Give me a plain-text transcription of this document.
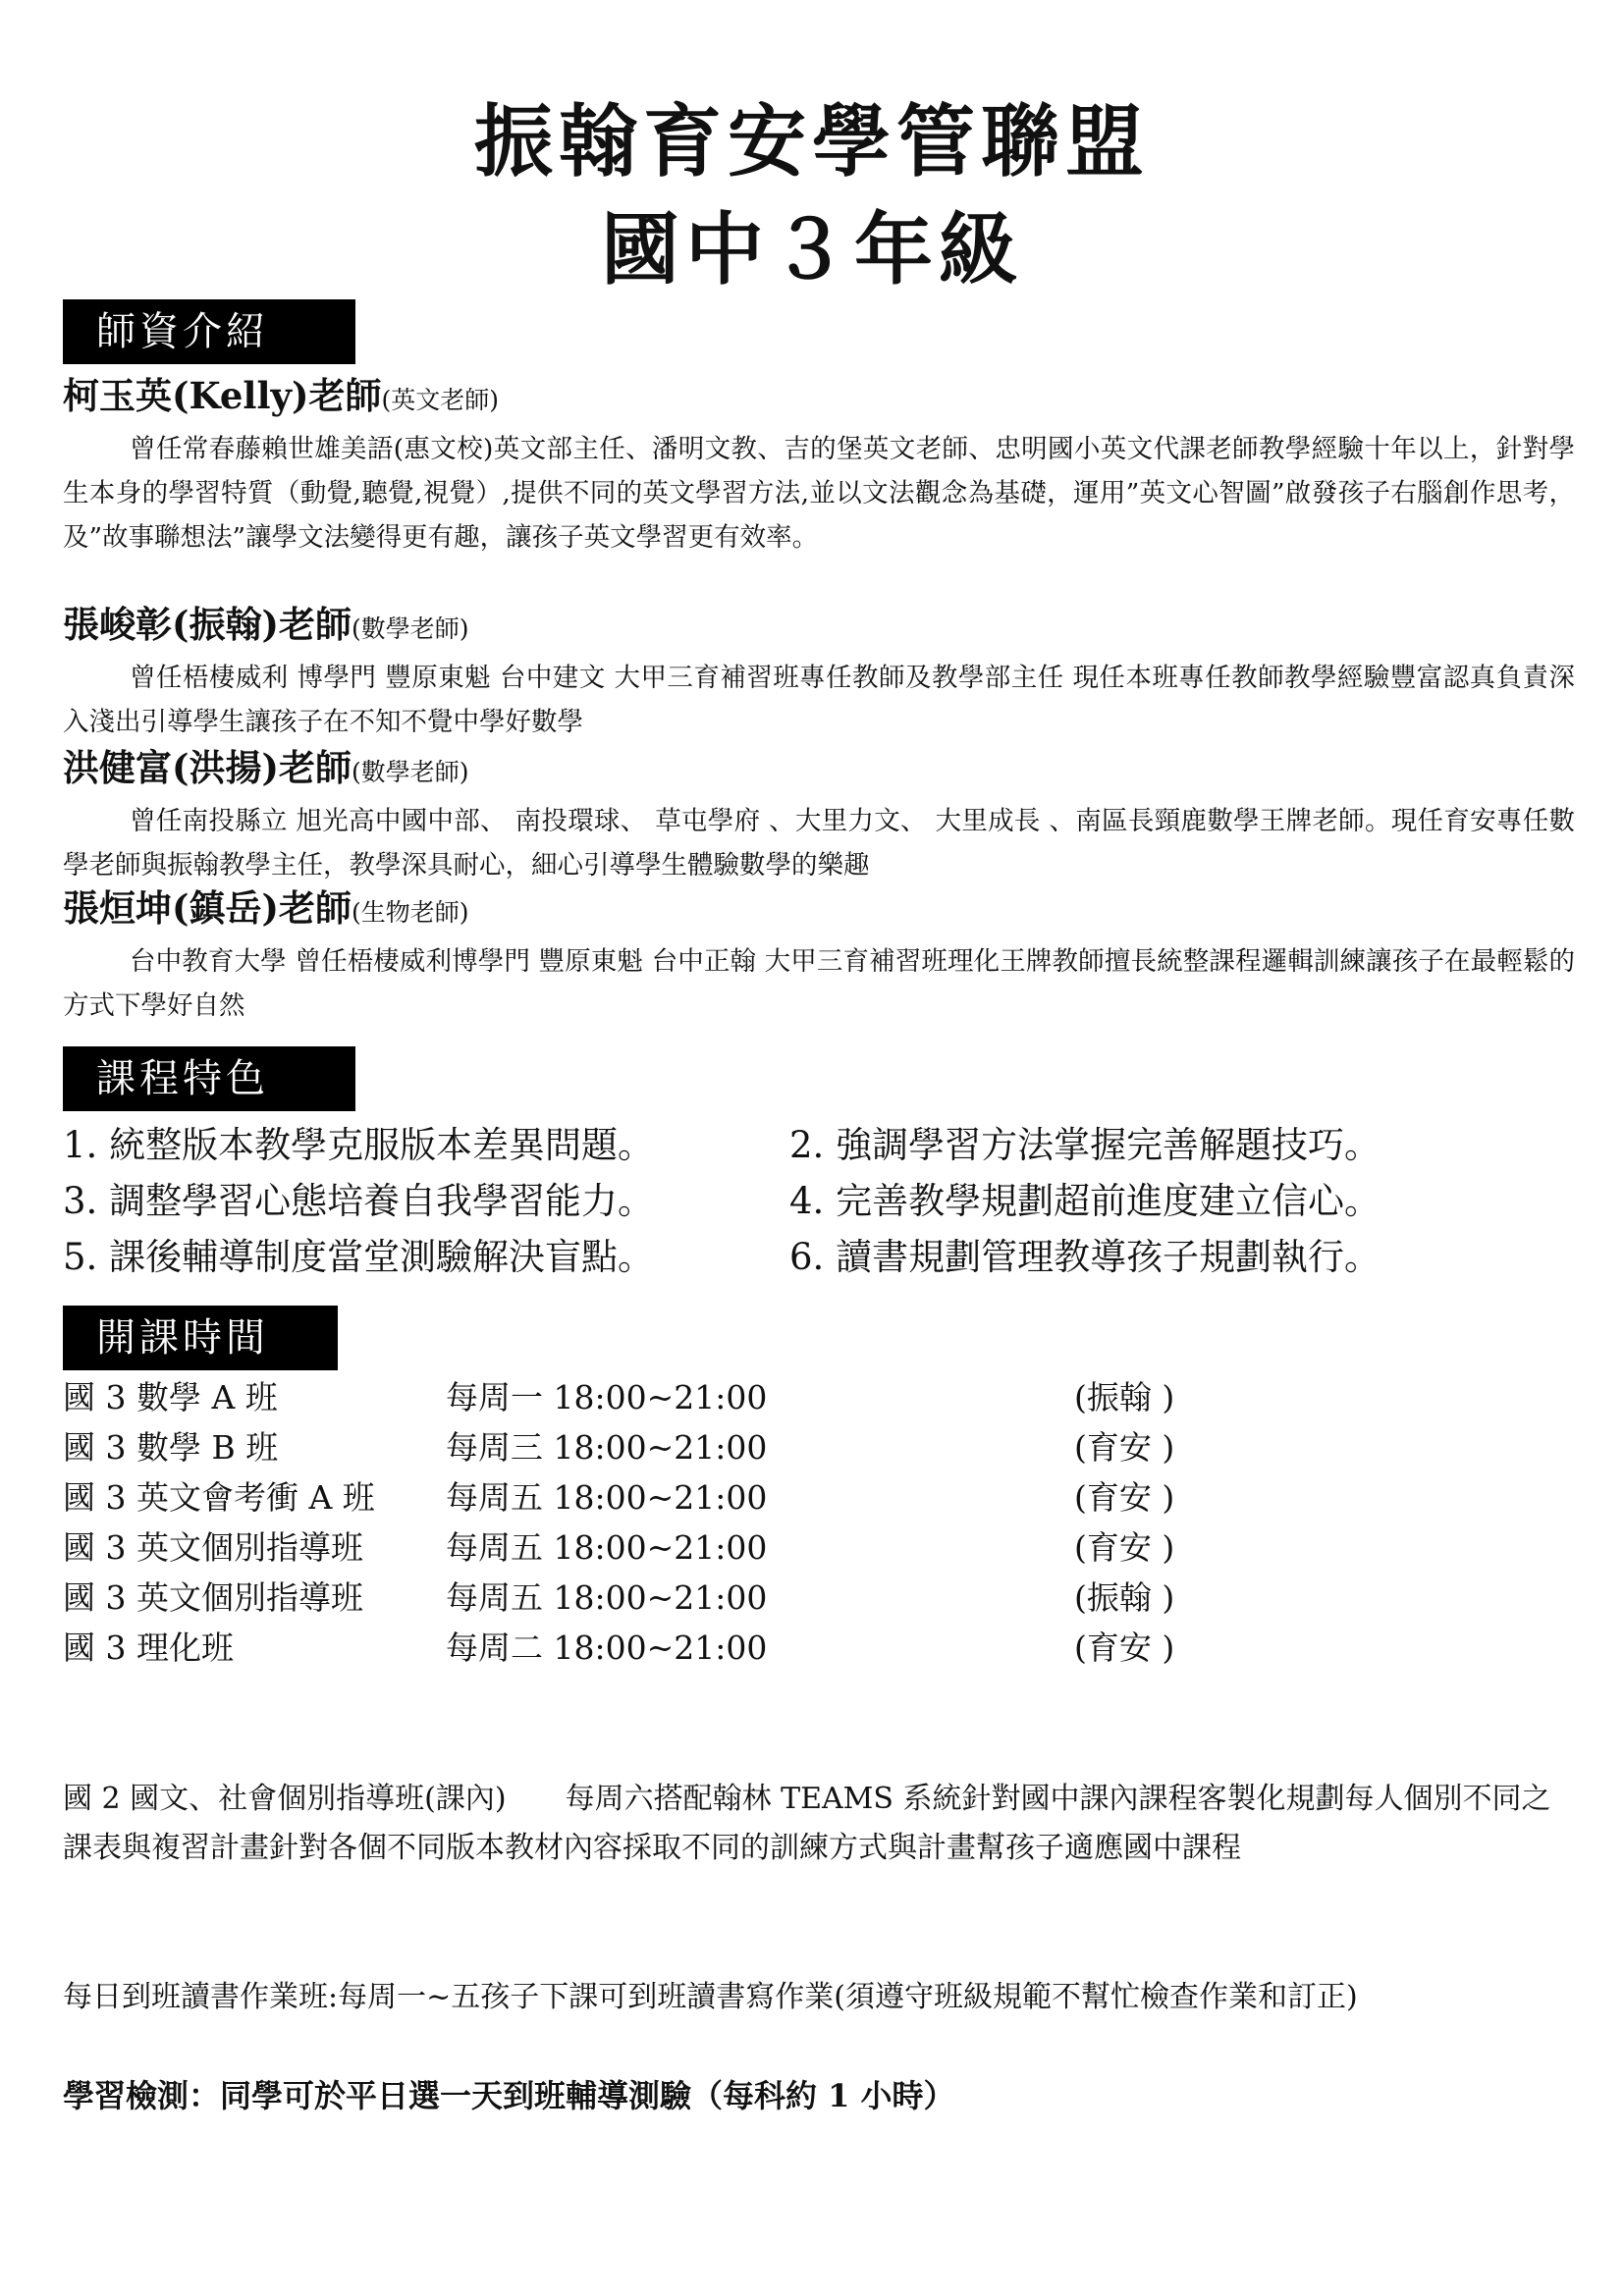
振翰育安學管聯盟
國中３年級
師資介紹
柯玉英(Kelly)老師(英文老師)
曾任常春藤賴世雄美語(惠文校)英文部主任、潘明文教、吉的堡英文老師、忠明國小英文代課老師教學經驗十年以上，針對學生本身的學習特質（動覺,聽覺,視覺）,提供不同的英文學習方法,並以文法觀念為基礎，運用”英文心智圖”啟發孩子右腦創作思考，及”故事聯想法”讓學文法變得更有趣，讓孩子英文學習更有效率。
張峻彰(振翰)老師(數學老師)
曾任梧棲威利 博學門 豐原東魁 台中建文 大甲三育補習班專任教師及教學部主任 現任本班專任教師教學經驗豐富認真負責深入淺出引導學生讓孩子在不知不覺中學好數學
洪健富(洪揚)老師(數學老師)
曾任南投縣立 旭光高中國中部、 南投環球、 草屯學府 、大里力文、 大里成長 、南區長頸鹿數學王牌老師。現任育安專任數學老師與振翰教學主任，教學深具耐心，細心引導學生體驗數學的樂趣
張烜坤(鎮岳)老師(生物老師)
台中教育大學 曾任梧棲威利博學門 豐原東魁 台中正翰 大甲三育補習班理化王牌教師擅長統整課程邏輯訓練讓孩子在最輕鬆的方式下學好自然
課程特色
1. 統整版本教學克服版本差異問題。	2. 強調學習方法掌握完善解題技巧。
3. 調整學習心態培養自我學習能力。	4. 完善教學規劃超前進度建立信心。
5. 課後輔導制度當堂測驗解決盲點。	6. 讀書規劃管理教導孩子規劃執行。
開課時間
國 3 數學 A 班	每周一 18:00~21:00	(振翰 )
國 3 數學 B 班	每周三 18:00~21:00	(育安 )
國 3 英文會考衝 A 班	每周五 18:00~21:00	(育安 )
國 3 英文個別指導班	每周五 18:00~21:00	(育安 )
國 3 英文個別指導班	每周五 18:00~21:00	(振翰 )
國 3 理化班	每周二 18:00~21:00	(育安 )
國 2 國文、社會個別指導班(課內)　　每周六搭配翰林 TEAMS 系統針對國中課內課程客製化規劃每人個別不同之課表與複習計畫針對各個不同版本教材內容採取不同的訓練方式與計畫幫孩子適應國中課程
每日到班讀書作業班:每周一~五孩子下課可到班讀書寫作業(須遵守班級規範不幫忙檢查作業和訂正)
學習檢測：同學可於平日選一天到班輔導測驗（每科約 1 小時）
